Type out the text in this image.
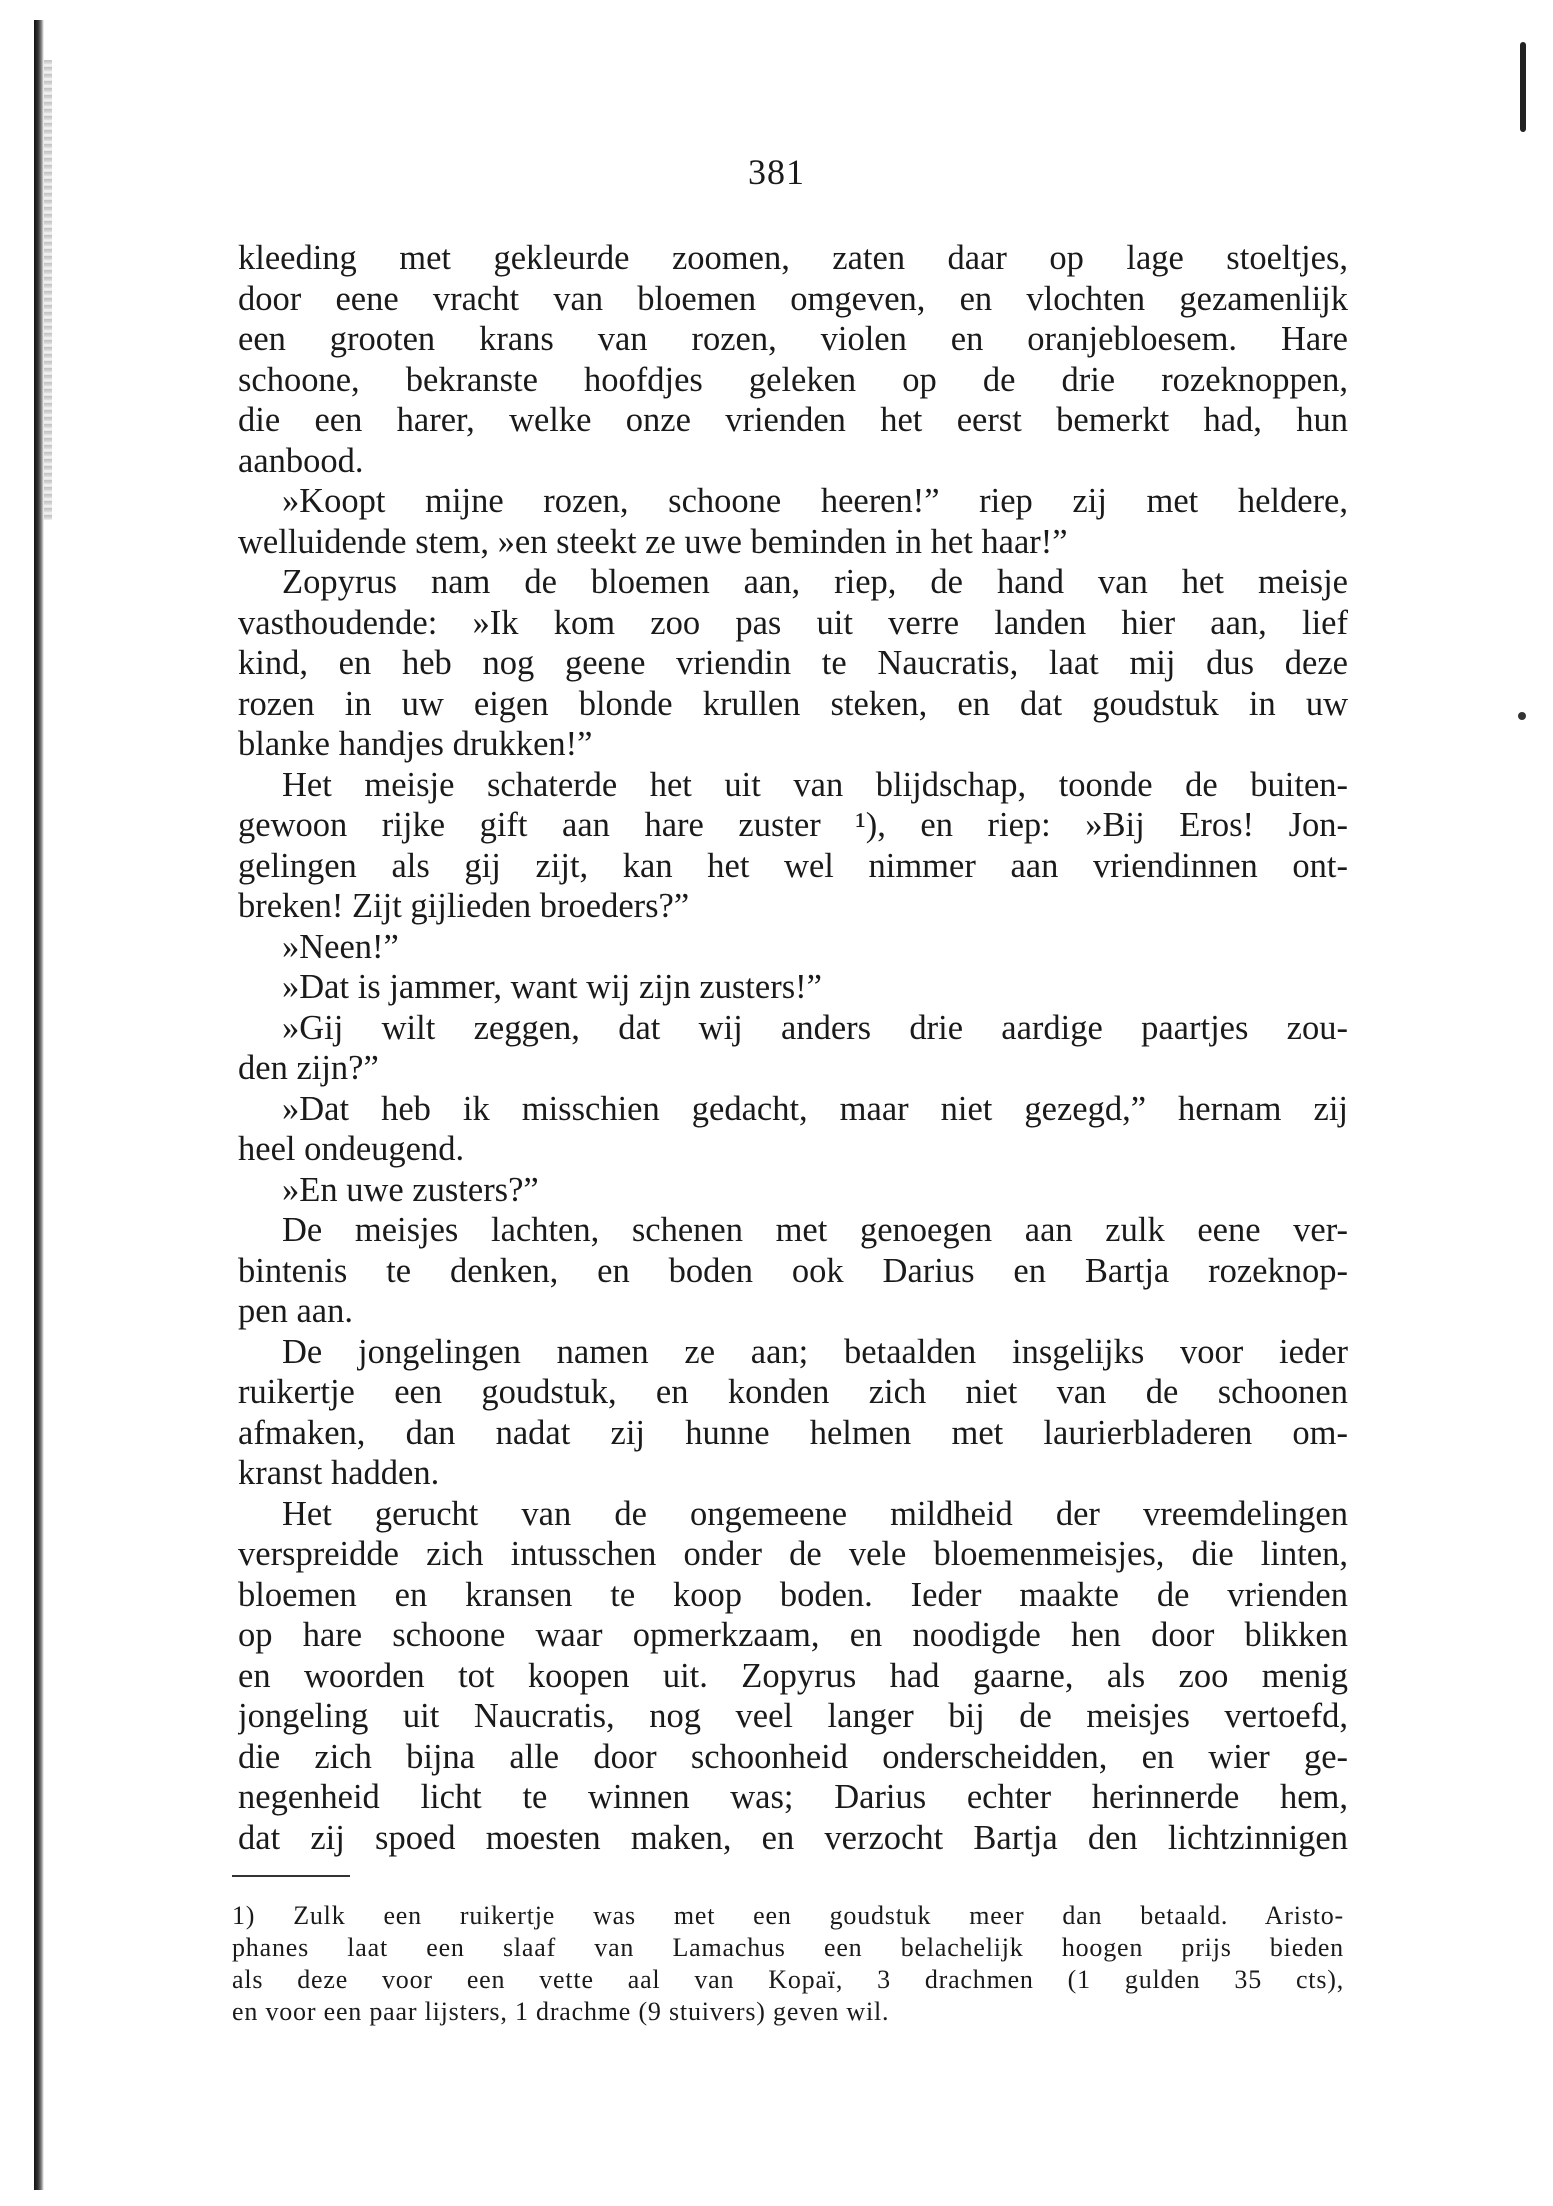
381
kleeding met gekleurde zoomen, zaten daar op lage stoeltjes,
door eene vracht van bloemen omgeven, en vlochten gezamenlijk
een grooten krans van rozen, violen en oranjebloesem. Hare
schoone, bekranste hoofdjes geleken op de drie rozeknoppen,
die een harer, welke onze vrienden het eerst bemerkt had, hun
aanbood.
»Koopt mijne rozen, schoone heeren!” riep zij met heldere,
welluidende stem, »en steekt ze uwe beminden in het haar!”
Zopyrus nam de bloemen aan, riep, de hand van het meisje
vasthoudende: »Ik kom zoo pas uit verre landen hier aan, lief
kind, en heb nog geene vriendin te Naucratis, laat mij dus deze
rozen in uw eigen blonde krullen steken, en dat goudstuk in uw
blanke handjes drukken!”
Het meisje schaterde het uit van blijdschap, toonde de buiten-
gewoon rijke gift aan hare zuster ¹), en riep: »Bij Eros! Jon-
gelingen als gij zijt, kan het wel nimmer aan vriendinnen ont-
breken! Zijt gijlieden broeders?”
»Neen!”
»Dat is jammer, want wij zijn zusters!”
»Gij wilt zeggen, dat wij anders drie aardige paartjes zou-
den zijn?”
»Dat heb ik misschien gedacht, maar niet gezegd,” hernam zij
heel ondeugend.
»En uwe zusters?”
De meisjes lachten, schenen met genoegen aan zulk eene ver-
bintenis te denken, en boden ook Darius en Bartja rozeknop-
pen aan.
De jongelingen namen ze aan; betaalden insgelijks voor ieder
ruikertje een goudstuk, en konden zich niet van de schoonen
afmaken, dan nadat zij hunne helmen met laurierbladeren om-
kranst hadden.
Het gerucht van de ongemeene mildheid der vreemdelingen
verspreidde zich intusschen onder de vele bloemenmeisjes, die linten,
bloemen en kransen te koop boden. Ieder maakte de vrienden
op hare schoone waar opmerkzaam, en noodigde hen door blikken
en woorden tot koopen uit. Zopyrus had gaarne, als zoo menig
jongeling uit Naucratis, nog veel langer bij de meisjes vertoefd,
die zich bijna alle door schoonheid onderscheidden, en wier ge-
negenheid licht te winnen was; Darius echter herinnerde hem,
dat zij spoed moesten maken, en verzocht Bartja den lichtzinnigen
1) Zulk een ruikertje was met een goudstuk meer dan betaald. Aristo-
phanes laat een slaaf van Lamachus een belachelijk hoogen prijs bieden
als deze voor een vette aal van Kopaï, 3 drachmen (1 gulden 35 cts),
en voor een paar lijsters, 1 drachme (9 stuivers) geven wil.
